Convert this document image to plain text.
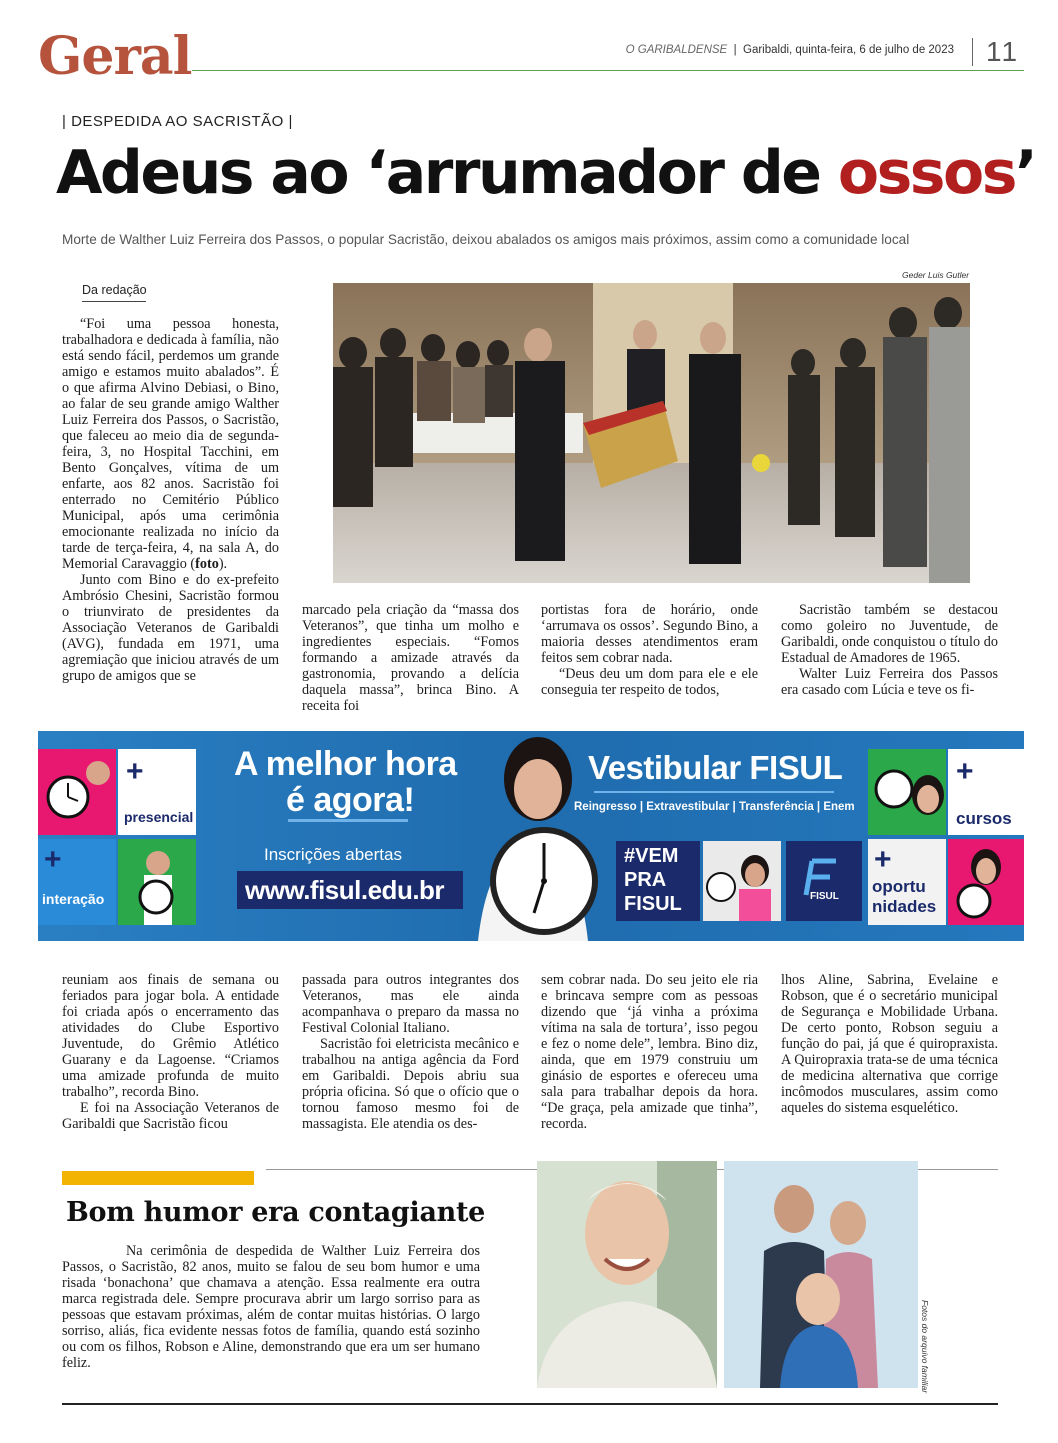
Geral	O GARIBALDENSE  |  Garibaldi, quinta-feira, 6 de julho de 2023 11
| DESPEDIDA AO SACRISTÃO |
Adeus ao ‘arrumador de ossos’
Morte de Walther Luiz Ferreira dos Passos, o popular Sacristão, deixou abalados os amigos mais próximos, assim como a comunidade local
Da redação
Geder Luis Gutler

“Foi uma pessoa honesta, trabalhadora e dedicada à família, não está sendo fácil, perdemos um grande amigo e estamos muito abalados”. É o que afirma Alvino Debiasi, o Bino, ao falar de seu grande amigo Walther Luiz Ferreira dos Passos, o Sacristão, que faleceu ao meio dia de segunda-feira, 3, no Hospital Tacchini, em Bento Gonçalves, vítima de um enfarte, aos 82 anos. Sacristão foi enterrado no Cemitério Público Municipal, após uma cerimônia emocionante realizada no início da tarde de terça-feira, 4, na sala A, do Memorial Caravaggio (foto).

Junto com Bino e do ex-prefeito Ambrósio Chesini, Sacristão formou o triunvirato de presidentes da Associação Veteranos de Garibaldi (AVG), fundada em 1971, uma agremiação que iniciou através de um grupo de amigos que se

marcado pela criação da “massa dos Veteranos”, que tinha um molho e ingredientes especiais. “Fomos formando a amizade através da gastronomia, provando a delícia daquela massa”, brinca Bino. A receita foi

portistas fora de horário, onde ‘arrumava os ossos’. Segundo Bino, a maioria desses atendimentos eram feitos sem cobrar nada.

“Deus deu um dom para ele e ele conseguia ter respeito de todos,

Sacristão também se destacou como goleiro no Juventude, de Garibaldi, onde conquistou o título do Estadual de Amadores de 1965.

Walter Luiz Ferreira dos Passos era casado com Lúcia e teve os fi-

+
presencial
+
interação
A melhor hora
é agora!
Inscrições abertas
www.fisul.edu.br
Vestibular FISUL
Reingresso | Extravestibular | Transferência | Enem
#VEM
PRA
FISUL	FISUL
+
cursos
+
oportu
nidades

reuniam aos finais de semana ou feriados para jogar bola. A entidade foi criada após o encerramento das atividades do Clube Esportivo Juventude, do Grêmio Atlético Guarany e da Lagoense. “Criamos uma amizade profunda de muito trabalho”, recorda Bino.

E foi na Associação Veteranos de Garibaldi que Sacristão ficou

passada para outros integrantes dos Veteranos, mas ele ainda acompanhava o preparo da massa no Festival Colonial Italiano.

Sacristão foi eletricista mecânico e trabalhou na antiga agência da Ford em Garibaldi. Depois abriu sua própria oficina. Só que o ofício que o tornou famoso mesmo foi de massagista. Ele atendia os des-

sem cobrar nada. Do seu jeito ele ria e brincava sempre com as pessoas dizendo que ‘já vinha a próxima vítima na sala de tortura’, isso pegou e fez o nome dele”, lembra. Bino diz, ainda, que em 1979 construiu um ginásio de esportes e ofereceu uma sala para trabalhar depois da hora. “De graça, pela amizade que tinha”, recorda.

lhos Aline, Sabrina, Evelaine e Robson, que é o secretário municipal de Segurança e Mobilidade Urbana. De certo ponto, Robson seguiu a função do pai, já que é quiropraxista. A Quiropraxia trata-se de uma técnica de medicina alternativa que corrige incômodos musculares, assim como aqueles do sistema esquelético.

Bom humor era contagiante

Na cerimônia de despedida de Walther Luiz Ferreira dos Passos, o Sacristão, 82 anos, muito se falou de seu bom humor e uma risada ‘bonachona’ que chamava a atenção. Essa realmente era outra marca registrada dele. Sempre procurava abrir um largo sorriso para as pessoas que estavam próximas, além de contar muitas histórias. O largo sorriso, aliás, fica evidente nessas fotos de família, quando está sozinho ou com os filhos, Robson e Aline, demonstrando que era um ser humano feliz.	Fotos do arquivo familiar
